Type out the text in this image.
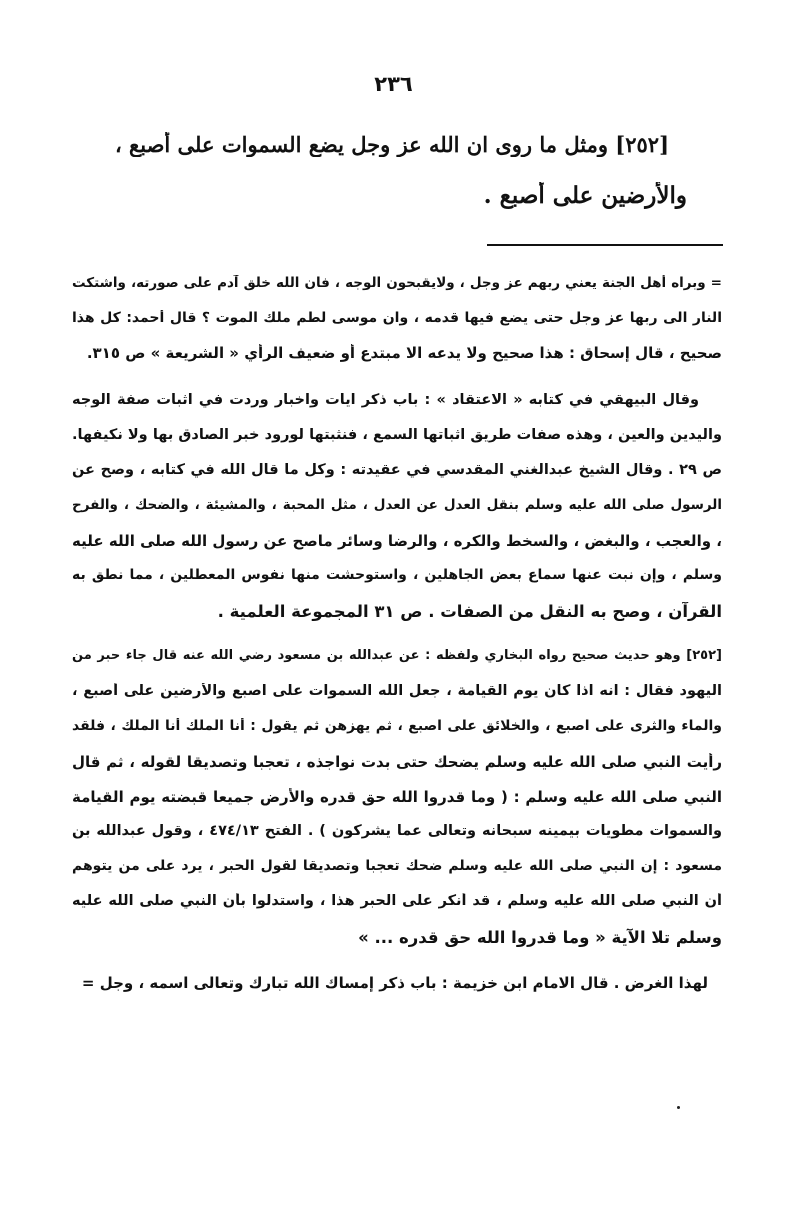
٢٣٦
[٢٥٢] ومثل ما روى ان الله عز وجل يضع السموات على أصبع ،
والأرضين على أصبع .
= وبراه أهل الجنة يعني ربهم عز وجل ، ولايقبحون الوجه ، فان الله خلق آدم على صورته، واشتكت
النار الى ربها عز وجل حتى يضع فيها قدمه ، وان موسى لطم ملك الموت ؟ قال أحمد: كل هذا
صحيح ، قال إسحاق : هذا صحيح ولا يدعه الا مبتدع أو ضعيف الرأي « الشريعة » ص ٣١٥.
وقال البيهقي في كتابه « الاعتقاد » : باب ذكر ايات واخبار وردت في اثبات صفة الوجه
واليدين والعين ، وهذه صفات طريق اثباتها السمع ، فنثبتها لورود خبر الصادق بها ولا نكيفها.
ص ٢٩ . وقال الشيخ عبدالغني المقدسي في عقيدته : وكل ما قال الله في كتابه ، وصح عن
الرسول صلى الله عليه وسلم بنقل العدل عن العدل ، مثل المحبة ، والمشيئة ، والضحك ، والفرح
، والعجب ، والبغض ، والسخط والكره ، والرضا وسائر ماصح عن رسول الله صلى الله عليه
وسلم ، وإن نبت عنها سماع بعض الجاهلين ، واستوحشت منها نفوس المعطلين ، مما نطق به
القرآن ، وصح به النقل من الصفات . ص ٣١ المجموعة العلمية .
[٢٥٢] وهو حديث صحيح رواه البخاري ولفظه : عن عبدالله بن مسعود رضي الله عنه قال جاء حبر من
اليهود فقال : انه اذا كان يوم القيامة ، جعل الله السموات على اصبع والأرضين على أصبع ،
والماء والثرى على اصبع ، والخلائق على اصبع ، ثم يهزهن ثم يقول : أنا الملك أنا الملك ، فلقد
رأيت النبي صلى الله عليه وسلم يضحك حتى بدت نواجذه ، تعجبا وتصديقا لقوله ، ثم قال
النبي صلى الله عليه وسلم : ( وما قدروا الله حق قدره والأرض جميعا قبضته يوم القيامة
والسموات مطويات بيمينه سبحانه وتعالى عما يشركون ) . الفتح ٤٧٤/١٣ ، وقول عبدالله بن
مسعود : إن النبي صلى الله عليه وسلم ضحك تعجبا وتصديقا لقول الحبر ، يرد على من يتوهم
أن النبي صلى الله عليه وسلم ، قد أنكر على الحبر هذا ، واستدلوا بأن النبي صلى الله عليه
وسلم تلا الآية « وما قدروا الله حق قدره ... »
لهذا الغرض . قال الامام ابن خزيمة : باب ذكر إمساك الله تبارك وتعالى اسمه ، وجل =
